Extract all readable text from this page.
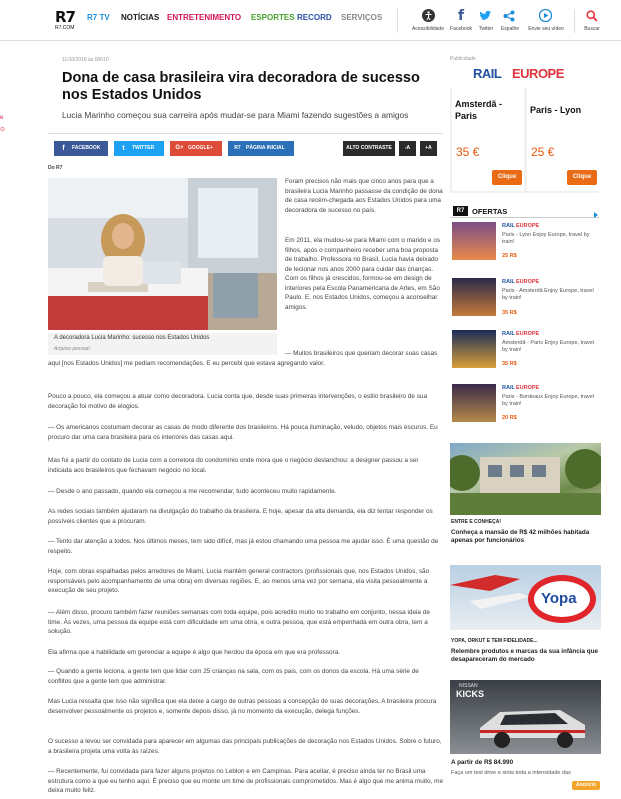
R7
R7.COM
R7 TV NOTÍCIAS ENTRETENIMENTO ESPORTES RECORD SERVIÇOS
Acessibilidade
f
Facebook	Twitter	Espalhe	Envie seu vídeo	Buscar
e
⊙
11/10/2016 às 00h10
Dona de casa brasileira vira decoradora de sucesso nos Estados Unidos

Lucia Marinho começou sua carreira após mudar-se para Miami fazendo sugestões a amigos

f	FACEBOOK	t	TWITTER	G+ GOOGLE+	R7 PÁGINA INICIAL	ALTO CONTRASTE	-A	+A
Do R7
A decoradora Lucia Marinho: sucesso nos Estados Unidos
Arquivo pessoal

Foram precisos não mais que cinco anos para que a brasileira Lucia Marinho passasse da condição de dona de casa recém-chegada aos Estados Unidos para uma decoradora de sucesso no país.

Em 2011, ela mudou-se para Miami com o marido e os filhos, após o companheiro receber uma boa proposta de trabalho. Professora no Brasil, Lucia havia deixado de lecionar nos anos 2000 para cuidar das crianças. Com os filhos já crescidos, formou-se em design de interiores pela Escola Panamericana de Artes, em São Paulo. E, nos Estados Unidos, começou a aconselhar amigos.

— Muitos brasileiros que queriam decorar suas casas aqui [nos Estados Unidos] me pediam recomendações. E eu percebi que estava agregando valor.

Pouco a pouco, ela começou a atuar como decoradora. Lucia conta que, desde suas primeiras intervenções, o estilo brasileiro de sua decoração foi motivo de elogios.

— Os americanos costumam decorar as casas de modo diferente dos brasileiros. Há pouca iluminação, veludo, objetos mais escuros. Eu procuro dar uma cara brasileira para os interiores das casas aqui.

Mas foi a partir do contato de Lucia com a corretora do condomínio onde mora que o negócio deslanchou: a designer passou a ser indicada aos brasileiros que fechavam negócio no local.

— Desde o ano passado, quando ela começou a me recomendar, tudo aconteceu muito rapidamente.

As redes sociais também ajudaram na divulgação do trabalho da brasileira. E hoje, apesar da alta demanda, ela diz tentar responder os possíveis clientes que a procuram.

— Tento dar atenção a todos. Nos últimos meses, tem sido difícil, mas já estou chamando uma pessoa me ajudar isso. É uma questão de respeito.

Hoje, com obras espalhadas pelos arredores de Miami, Lucia mantém general contractors (profissionais que, nos Estados Unidos, são responsáveis pelo acompanhamento de uma obra) em diversas regiões. E, ao menos uma vez por semana, ela visita pessoalmente a execução de seu projeto.

— Além disso, procuro também fazer reuniões semanais com toda equipe, pois acredito muito no trabalho em conjunto, nessa ideia de time. Às vezes, uma pessoa da equipe está com dificuldade em uma obra, e outra pessoa, que está empenhada em outra obra, tem a solução.

Ela afirma que a habilidade em gerenciar a equipe é algo que herdou da época em que era professora.

— Quando a gente leciona, a gente tem que lidar com 25 crianças na sala, com os pais, com os donos da escola. Há uma série de conflitos que a gente tem que administrar.

Mas Lucia ressalta que isso não significa que ela deixe a cargo de outras pessoas a concepção de suas decorações. A brasileira procura desenvolver pessoalmente os projetos e, somente depois disso, já no momento da execução, delega funções.

O sucesso a levou ser convidada para aparecer em algumas das principais publicações de decoração nos Estados Unidos. Sobre o futuro, a brasileira projeta uma volta às raízes.

— Recentemente, fui convidada para fazer alguns projetos no Leblon e em Campinas. Para aceitar, é preciso ainda ter no Brasil uma estrutura como a que eu tenho aqui. É preciso que eu monte um time de profissionais comprometidos. Mas é algo que me anima muito, me deixa muito feliz.

Publicidade
RAIL EUROPE
Amsterdã - Paris
35 €
Clique
Paris - Lyon
25 €
Clique
R7	OFERTAS
RAIL EUROPE
Paris - Lyon Enjoy Europe, travel by train!
25 R$
RAIL EUROPE
Paris - Amsterdã Enjoy Europe, travel by train!
35 R$
RAIL EUROPE
Amsterdã - Paris Enjoy Europe, travel by train!
35 R$
RAIL EUROPE
Paris - Bordeaux Enjoy Europe, travel by train!
20 R$
ENTRE E CONHEÇA!
Conheça a mansão de R$ 42 milhões habitada apenas por funcionários
Yopa
YOPA, ORKUT E TEM FIDELIDADE...
Relembre produtos e marcas da sua infância que desapareceram do mercado
NISSAN
KICKS
A partir de R$ 84.990
Faça um test drive e sinta toda a intensidade das
Anúncio
